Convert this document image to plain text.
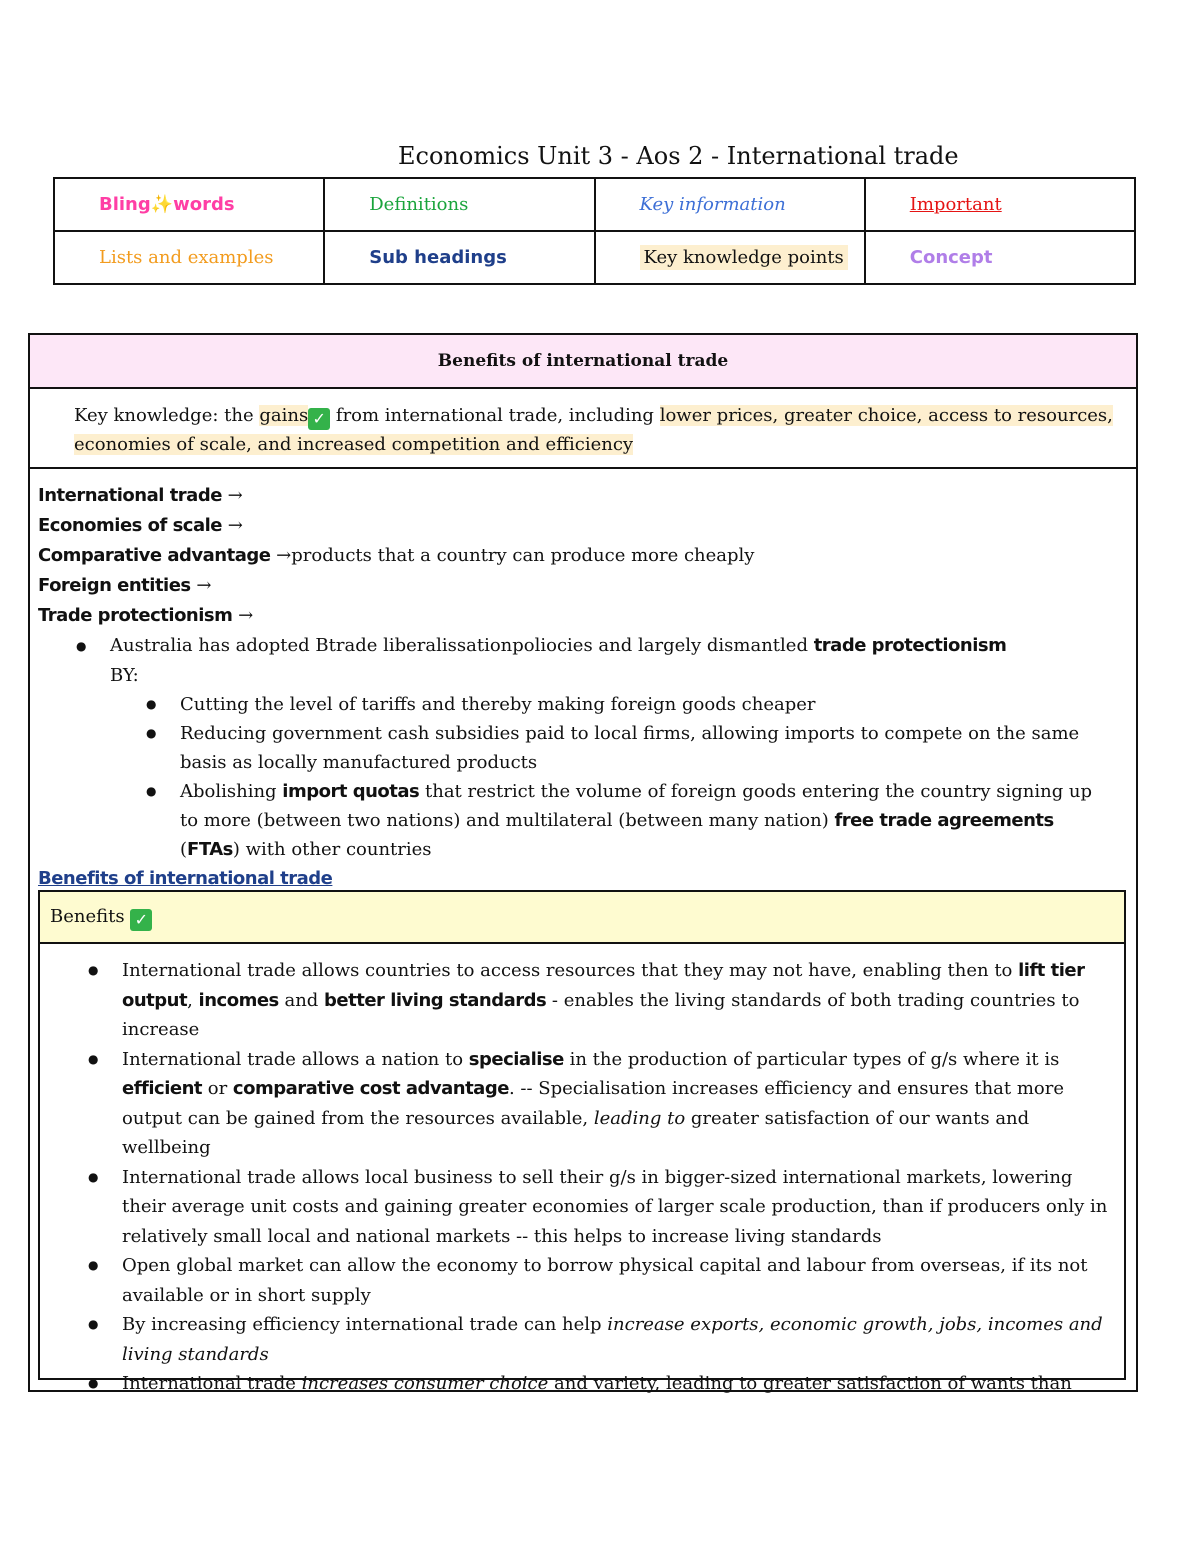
Economics Unit 3 - Aos 2 - International trade
Bling✨words	Definitions	Key information	Important
Lists and examples	Sub headings	Key knowledge points	Concept
Benefits of international trade
Key knowledge: the gains ✓ from international trade, including lower prices, greater choice, access to resources, economies of scale, and increased competition and efficiency
International trade →
Economies of scale →
Comparative advantage →products that a country can produce more cheaply
Foreign entities →
Trade protectionism →
● Australia has adopted Btrade liberalissationpoliocies and largely dismantled trade protectionism
BY:
● Cutting the level of tariffs and thereby making foreign goods cheaper
● Reducing government cash subsidies paid to local firms, allowing imports to compete on the same basis as locally manufactured products
● Abolishing import quotas that restrict the volume of foreign goods entering the country signing up to more (between two nations) and multilateral (between many nation) free trade agreements (FTAs) with other countries
Benefits of international trade
Benefits ✓
● International trade allows countries to access resources that they may not have, enabling then to lift tier output, incomes and better living standards - enables the living standards of both trading countries to increase
● International trade allows a nation to specialise in the production of particular types of g/s where it is efficient or comparative cost advantage. -- Specialisation increases efficiency and ensures that more output can be gained from the resources available, leading to greater satisfaction of our wants and wellbeing
● International trade allows local business to sell their g/s in bigger-sized international markets, lowering their average unit costs and gaining greater economies of larger scale production, than if producers only in relatively small local and national markets -- this helps to increase living standards
● Open global market can allow the economy to borrow physical capital and labour from overseas, if its not available or in short supply
● By increasing efficiency international trade can help increase exports, economic growth, jobs, incomes and living standards
● International trade increases consumer choice and variety, leading to greater satisfaction of wants than
